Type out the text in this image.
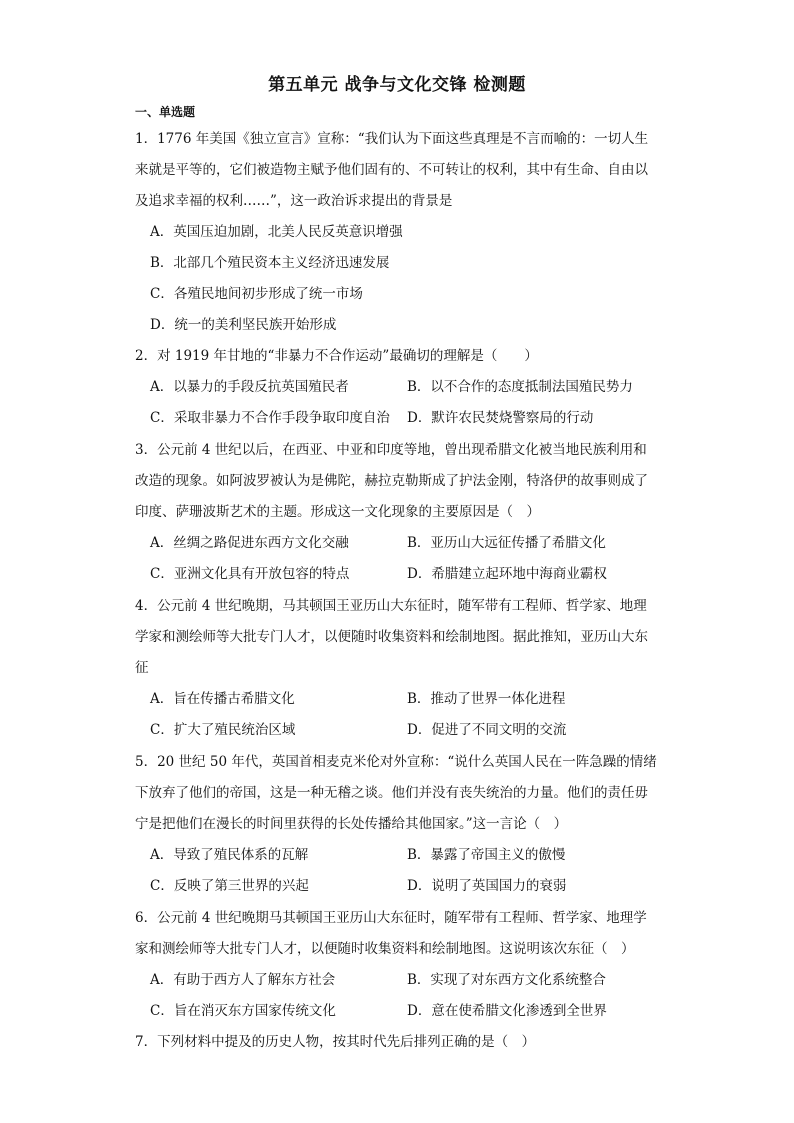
第五单元 战争与文化交锋 检测题
一、单选题
1．1776 年美国《独立宣言》宣称：“我们认为下面这些真理是不言而喻的：一切人生
来就是平等的，它们被造物主赋予他们固有的、不可转让的权利，其中有生命、自由以
及追求幸福的权利……”，这一政治诉求提出的背景是
A．英国压迫加剧，北美人民反英意识增强
B．北部几个殖民资本主义经济迅速发展
C．各殖民地间初步形成了统一市场
D．统一的美利坚民族开始形成
2．对 1919 年甘地的“非暴力不合作运动”最确切的理解是（　　）
A．以暴力的手段反抗英国殖民者	B．以不合作的态度抵制法国殖民势力
C．采取非暴力不合作手段争取印度自治 D．默许农民焚烧警察局的行动
3．公元前 4 世纪以后，在西亚、中亚和印度等地，曾出现希腊文化被当地民族利用和
改造的现象。如阿波罗被认为是佛陀，赫拉克勒斯成了护法金刚，特洛伊的故事则成了
印度、萨珊波斯艺术的主题。形成这一文化现象的主要原因是（　）
A．丝绸之路促进东西方文化交融	B．亚历山大远征传播了希腊文化
C．亚洲文化具有开放包容的特点	D．希腊建立起环地中海商业霸权
4．公元前 4 世纪晚期，马其顿国王亚历山大东征时，随军带有工程师、哲学家、地理
学家和测绘师等大批专门人才，以便随时收集资料和绘制地图。据此推知，亚历山大东
征
A．旨在传播古希腊文化	B．推动了世界一体化进程
C．扩大了殖民统治区域	D．促进了不同文明的交流
5．20 世纪 50 年代，英国首相麦克米伦对外宣称：“说什么英国人民在一阵急躁的情绪
下放弃了他们的帝国，这是一种无稽之谈。他们并没有丧失统治的力量。他们的责任毋
宁是把他们在漫长的时间里获得的长处传播给其他国家。”这一言论（　）
A．导致了殖民体系的瓦解	B．暴露了帝国主义的傲慢
C．反映了第三世界的兴起	D．说明了英国国力的衰弱
6．公元前 4 世纪晚期马其顿国王亚历山大东征时，随军带有工程师、哲学家、地理学
家和测绘师等大批专门人才，以便随时收集资料和绘制地图。这说明该次东征（　）
A．有助于西方人了解东方社会	B．实现了对东西方文化系统整合
C．旨在消灭东方国家传统文化	D．意在使希腊文化渗透到全世界
7．下列材料中提及的历史人物，按其时代先后排列正确的是（　）
